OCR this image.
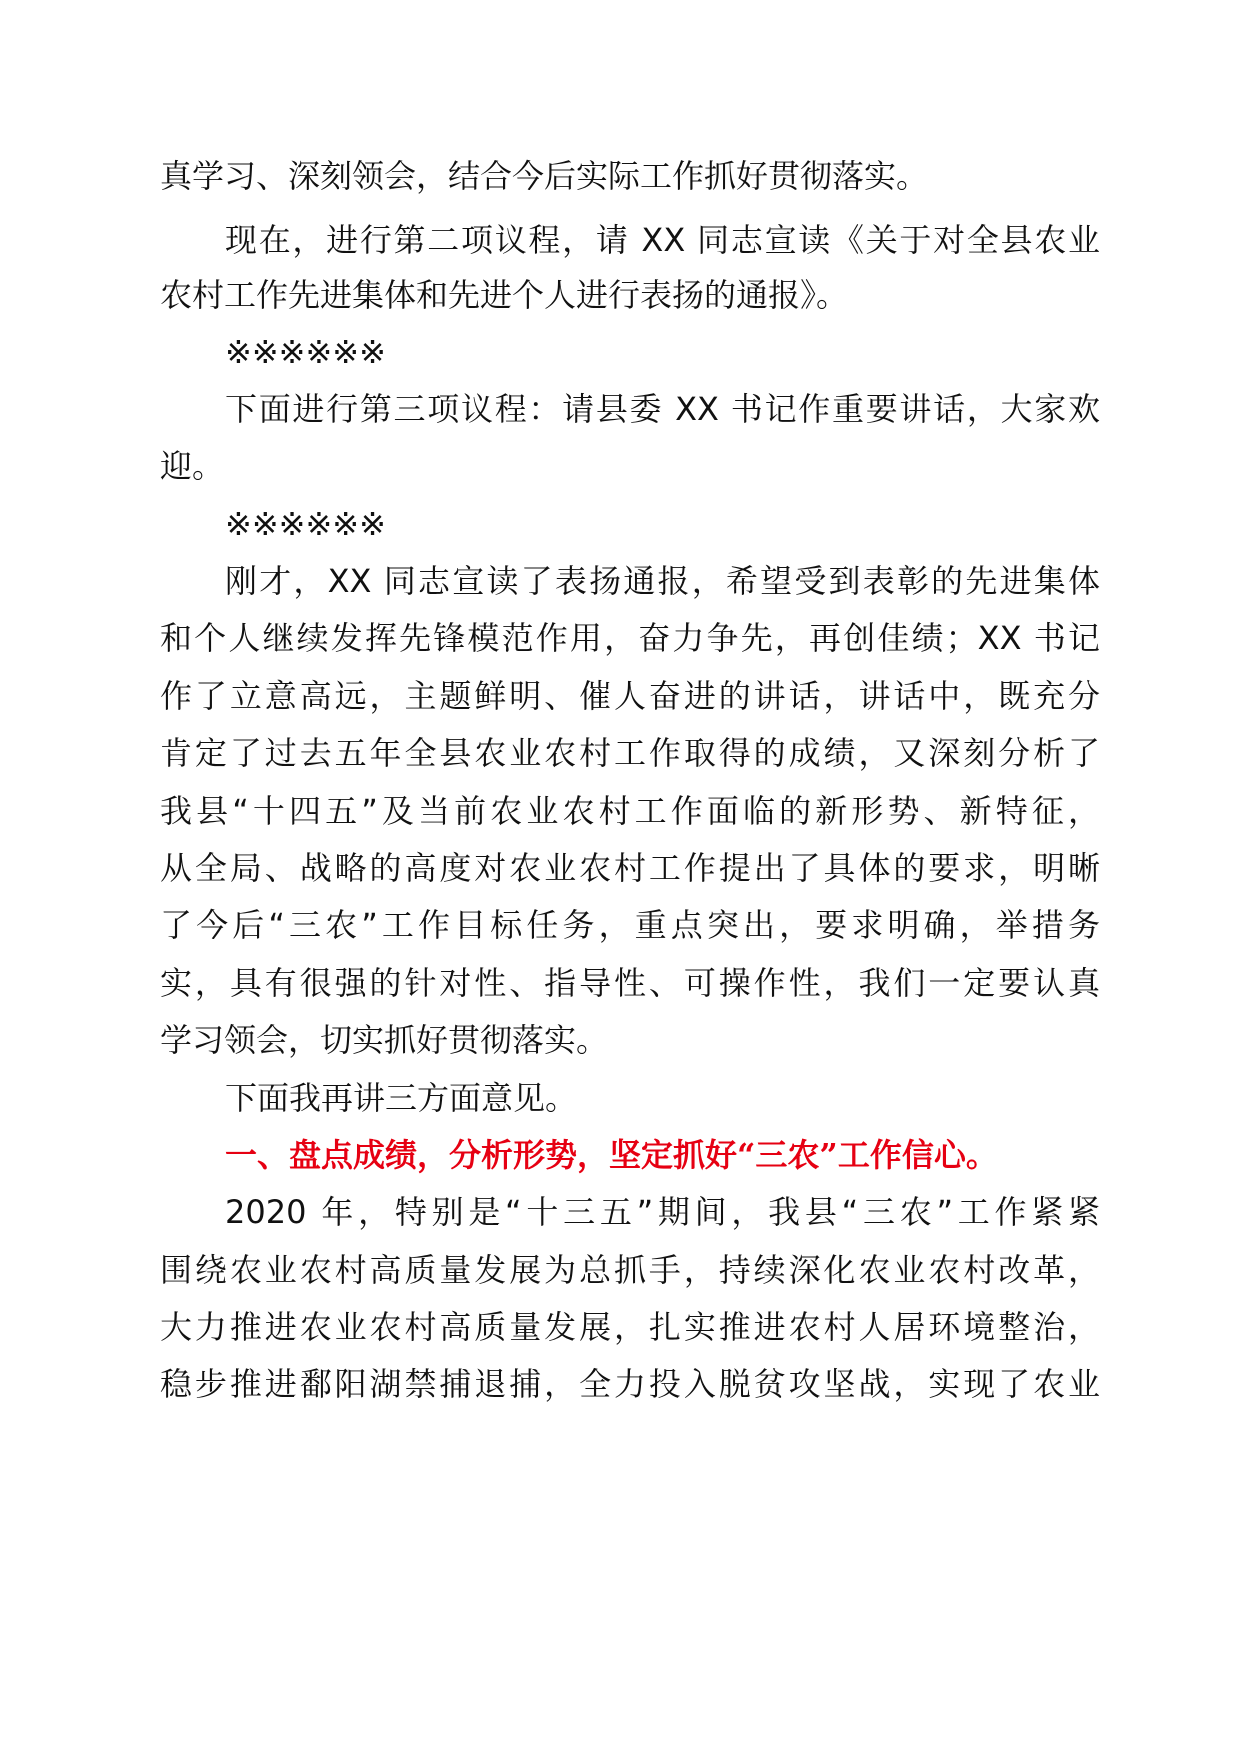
真学习、深刻领会，结合今后实际工作抓好贯彻落实。
现在，进行第二项议程，请 XX 同志宣读《关于对全县农业
农村工作先进集体和先进个人进行表扬的通报》。
※※※※※※
下面进行第三项议程：请县委 XX 书记作重要讲话，大家欢
迎。
※※※※※※
刚才，XX 同志宣读了表扬通报，希望受到表彰的先进集体
和个人继续发挥先锋模范作用，奋力争先，再创佳绩；XX 书记
作了立意高远，主题鲜明、催人奋进的讲话，讲话中，既充分
肯定了过去五年全县农业农村工作取得的成绩，又深刻分析了
我县“十四五”及当前农业农村工作面临的新形势、新特征，
从全局、战略的高度对农业农村工作提出了具体的要求，明晰
了今后“三农”工作目标任务，重点突出，要求明确，举措务
实，具有很强的针对性、指导性、可操作性，我们一定要认真
学习领会，切实抓好贯彻落实。
下面我再讲三方面意见。
一、盘点成绩，分析形势，坚定抓好“三农”工作信心。
2020 年，特别是“十三五”期间，我县“三农”工作紧紧
围绕农业农村高质量发展为总抓手，持续深化农业农村改革，
大力推进农业农村高质量发展，扎实推进农村人居环境整治，
稳步推进鄱阳湖禁捕退捕，全力投入脱贫攻坚战，实现了农业
